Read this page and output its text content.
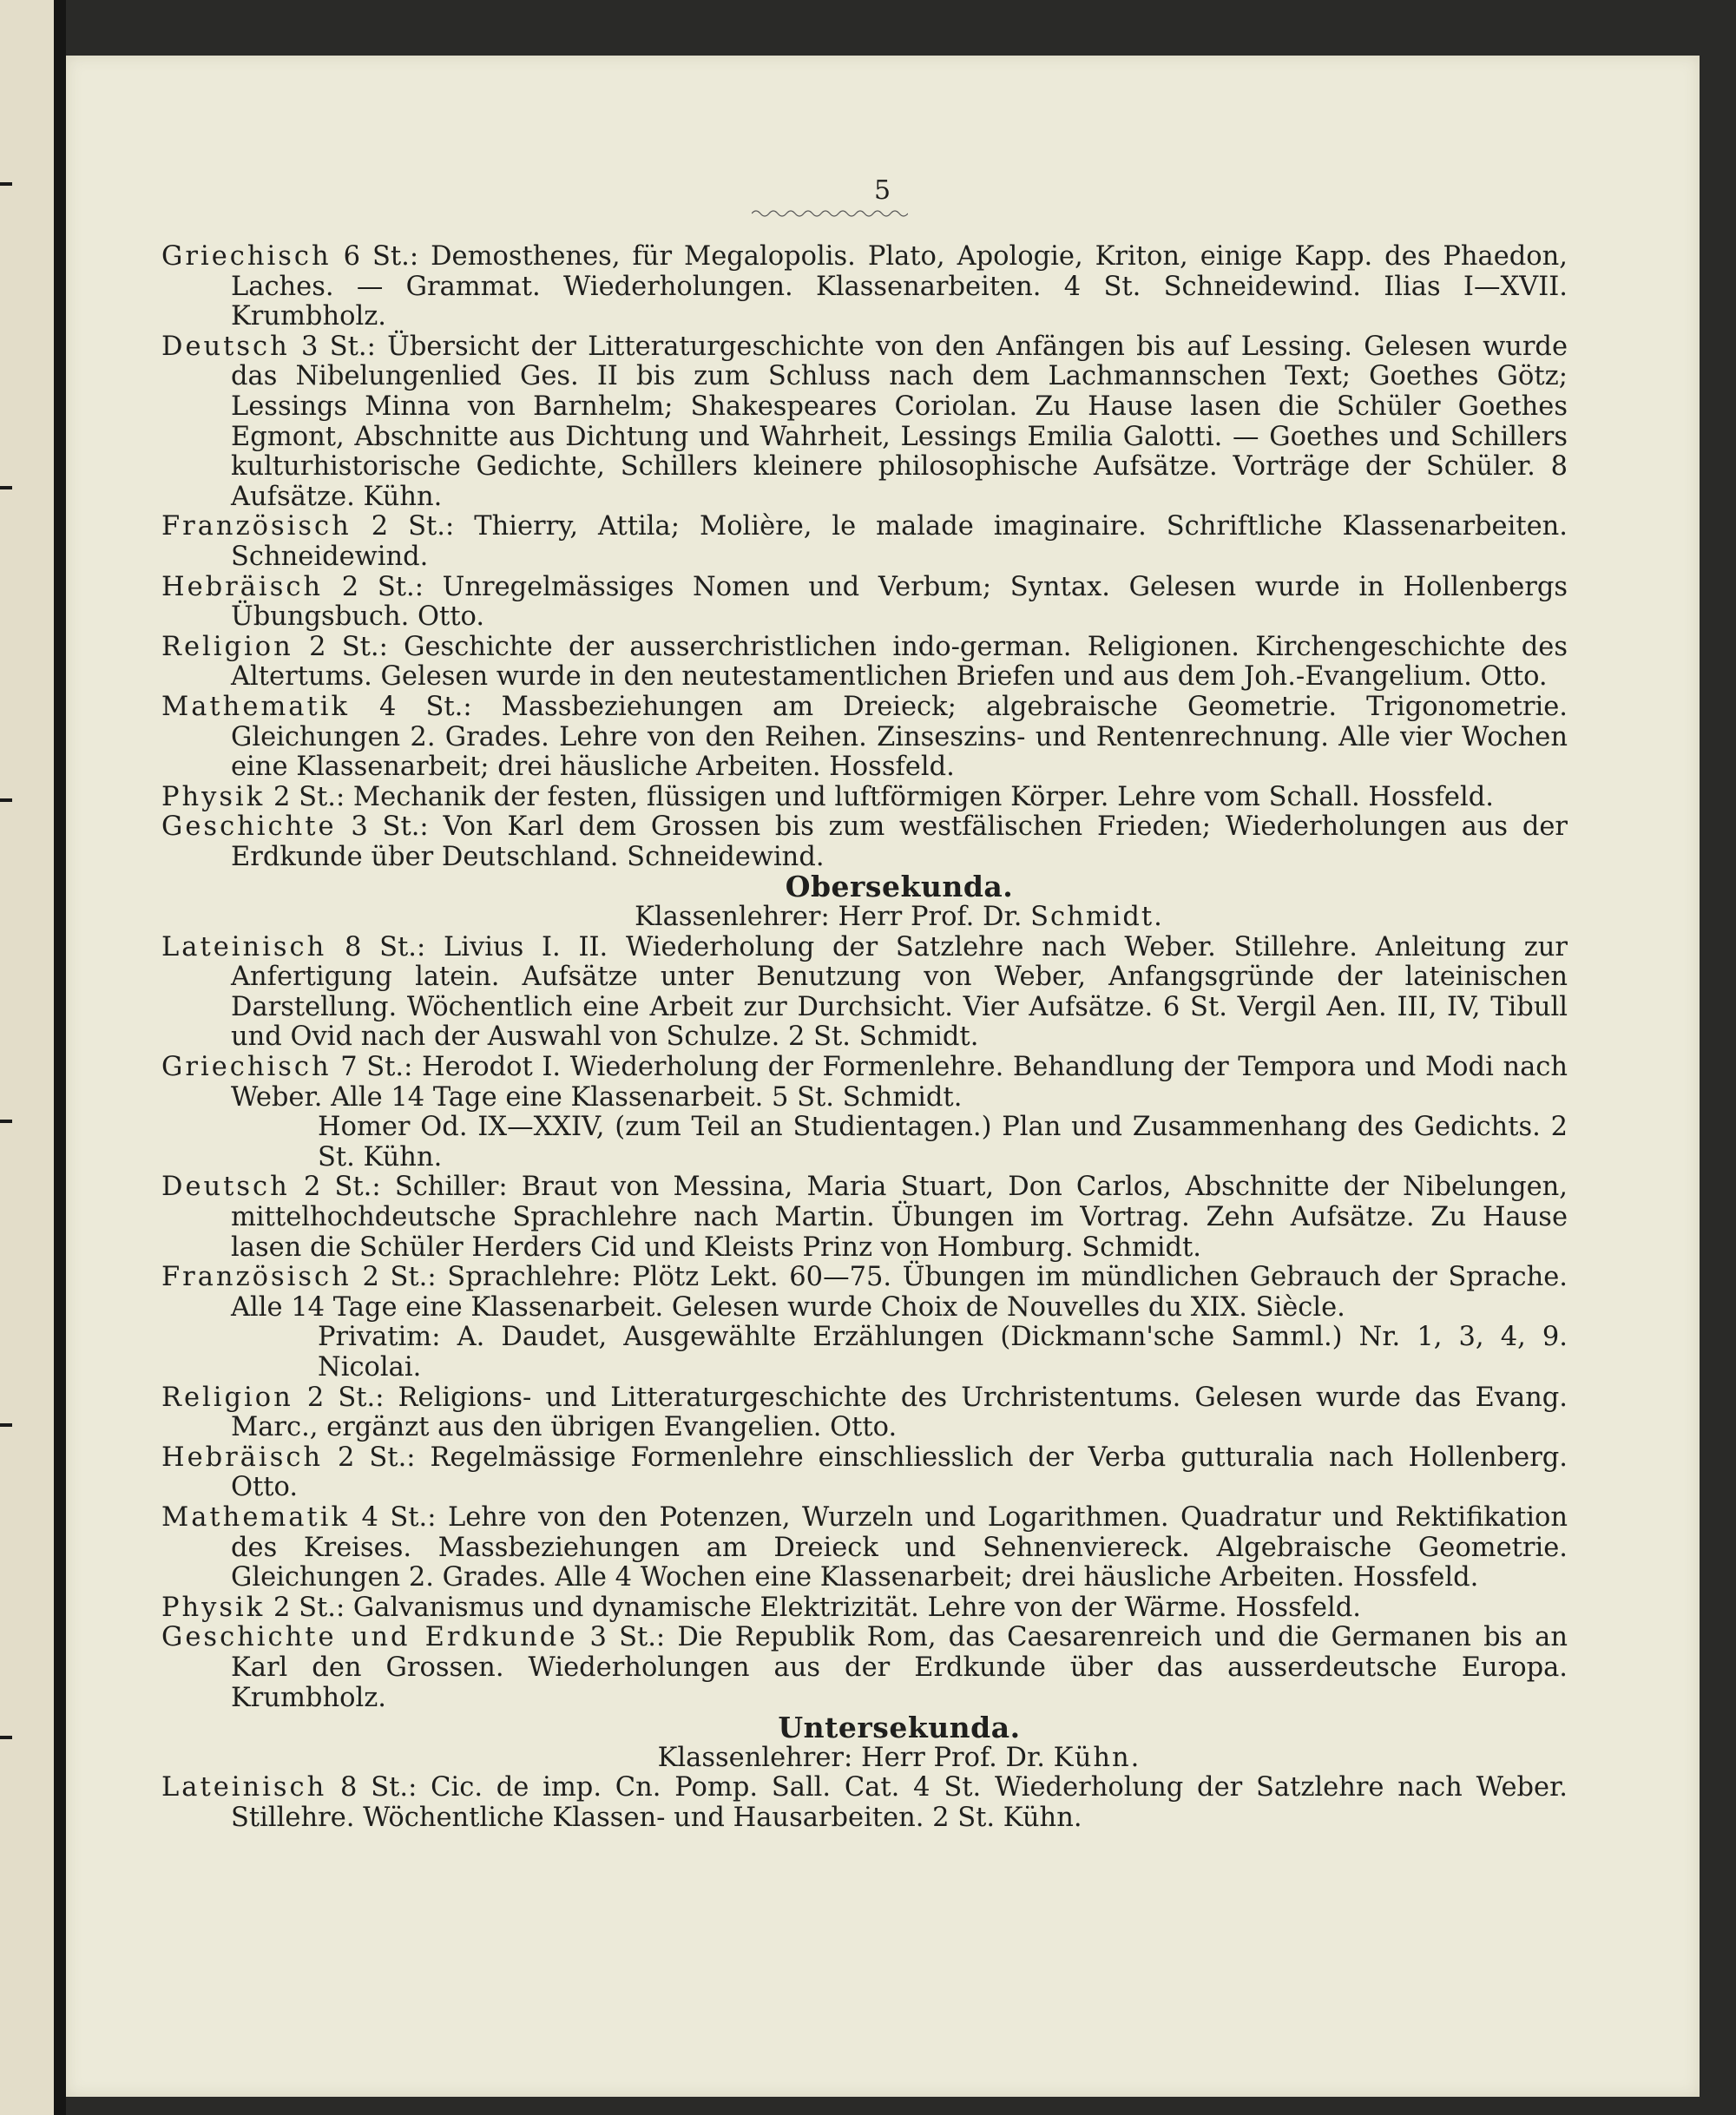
5

Griechisch 6 St.: Demosthenes, für Megalopolis. Plato, Apologie, Kriton, einige Kapp. des Phaedon, Laches. — Grammat. Wiederholungen. Klassenarbeiten. 4 St. Schneidewind. Ilias I—XVII. Krumbholz.

Deutsch 3 St.: Übersicht der Litteraturgeschichte von den Anfängen bis auf Lessing. Gelesen wurde das Nibelungenlied Ges. II bis zum Schluss nach dem Lachmannschen Text; Goethes Götz; Lessings Minna von Barnhelm; Shakespeares Coriolan. Zu Hause lasen die Schüler Goethes Egmont, Abschnitte aus Dichtung und Wahrheit, Lessings Emilia Galotti. — Goethes und Schillers kulturhistorische Gedichte, Schillers kleinere philosophische Aufsätze. Vorträge der Schüler. 8 Aufsätze. Kühn.

Französisch 2 St.: Thierry, Attila; Molière, le malade imaginaire. Schriftliche Klassenarbeiten. Schneidewind.

Hebräisch 2 St.: Unregelmässiges Nomen und Verbum; Syntax. Gelesen wurde in Hollenbergs Übungsbuch. Otto.

Religion 2 St.: Geschichte der ausserchristlichen indo-german. Religionen. Kirchengeschichte des Altertums. Gelesen wurde in den neutestamentlichen Briefen und aus dem Joh.-Evangelium. Otto.

Mathematik 4 St.: Massbeziehungen am Dreieck; algebraische Geometrie. Trigonometrie. Gleichungen 2. Grades. Lehre von den Reihen. Zinseszins- und Rentenrechnung. Alle vier Wochen eine Klassenarbeit; drei häusliche Arbeiten. Hossfeld.

Physik 2 St.: Mechanik der festen, flüssigen und luftförmigen Körper. Lehre vom Schall. Hossfeld.

Geschichte 3 St.: Von Karl dem Grossen bis zum westfälischen Frieden; Wiederholungen aus der Erdkunde über Deutschland. Schneidewind.

Obersekunda.

Klassenlehrer: Herr Prof. Dr. Schmidt.

Lateinisch 8 St.: Livius I. II. Wiederholung der Satzlehre nach Weber. Stillehre. Anleitung zur Anfertigung latein. Aufsätze unter Benutzung von Weber, Anfangsgründe der lateinischen Darstellung. Wöchentlich eine Arbeit zur Durchsicht. Vier Aufsätze. 6 St. Vergil Aen. III, IV, Tibull und Ovid nach der Auswahl von Schulze. 2 St. Schmidt.

Griechisch 7 St.: Herodot I. Wiederholung der Formenlehre. Behandlung der Tempora und Modi nach Weber. Alle 14 Tage eine Klassenarbeit. 5 St. Schmidt.

Homer Od. IX—XXIV, (zum Teil an Studientagen.) Plan und Zusammenhang des Gedichts. 2 St. Kühn.

Deutsch 2 St.: Schiller: Braut von Messina, Maria Stuart, Don Carlos, Abschnitte der Nibelungen, mittelhochdeutsche Sprachlehre nach Martin. Übungen im Vortrag. Zehn Aufsätze. Zu Hause lasen die Schüler Herders Cid und Kleists Prinz von Homburg. Schmidt.

Französisch 2 St.: Sprachlehre: Plötz Lekt. 60—75. Übungen im mündlichen Gebrauch der Sprache. Alle 14 Tage eine Klassenarbeit. Gelesen wurde Choix de Nouvelles du XIX. Siècle.

Privatim: A. Daudet, Ausgewählte Erzählungen (Dickmann'sche Samml.) Nr. 1, 3, 4, 9. Nicolai.

Religion 2 St.: Religions- und Litteraturgeschichte des Urchristentums. Gelesen wurde das Evang. Marc., ergänzt aus den übrigen Evangelien. Otto.

Hebräisch 2 St.: Regelmässige Formenlehre einschliesslich der Verba gutturalia nach Hollenberg. Otto.

Mathematik 4 St.: Lehre von den Potenzen, Wurzeln und Logarithmen. Quadratur und Rektifikation des Kreises. Massbeziehungen am Dreieck und Sehnenviereck. Algebraische Geometrie. Gleichungen 2. Grades. Alle 4 Wochen eine Klassenarbeit; drei häusliche Arbeiten. Hossfeld.

Physik 2 St.: Galvanismus und dynamische Elektrizität. Lehre von der Wärme. Hossfeld.

Geschichte und Erdkunde 3 St.: Die Republik Rom, das Caesarenreich und die Germanen bis an Karl den Grossen. Wiederholungen aus der Erdkunde über das ausserdeutsche Europa. Krumbholz.

Untersekunda.

Klassenlehrer: Herr Prof. Dr. Kühn.

Lateinisch 8 St.: Cic. de imp. Cn. Pomp. Sall. Cat. 4 St. Wiederholung der Satzlehre nach Weber. Stillehre. Wöchentliche Klassen- und Hausarbeiten. 2 St. Kühn.
